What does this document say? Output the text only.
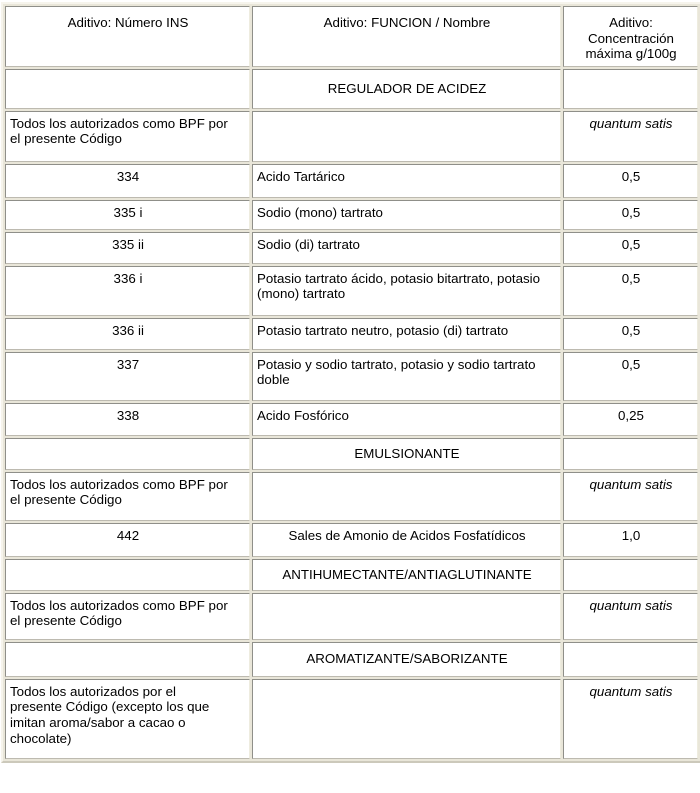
Aditivo: Número INS	Aditivo: FUNCION / Nombre	Aditivo: Concentración máxima g/100g
	REGULADOR DE ACIDEZ	
Todos los autorizados como BPF por el presente Código		quantum satis
334	Acido Tartárico	0,5
335 i	Sodio (mono) tartrato	0,5
335 ii	Sodio (di) tartrato	0,5
336 i	Potasio tartrato ácido, potasio bitartrato, potasio (mono) tartrato	0,5
336 ii	Potasio tartrato neutro, potasio (di) tartrato	0,5
337	Potasio y sodio tartrato, potasio y sodio tartrato doble	0,5
338	Acido Fosfórico	0,25
	EMULSIONANTE	
Todos los autorizados como BPF por el presente Código		quantum satis
442	Sales de Amonio de Acidos Fosfatídicos	1,0
	ANTIHUMECTANTE/ANTIAGLUTINANTE	
Todos los autorizados como BPF por el presente Código		quantum satis
	AROMATIZANTE/SABORIZANTE	
Todos los autorizados por el presente Código (excepto los que imitan aroma/sabor a cacao o chocolate)		quantum satis
